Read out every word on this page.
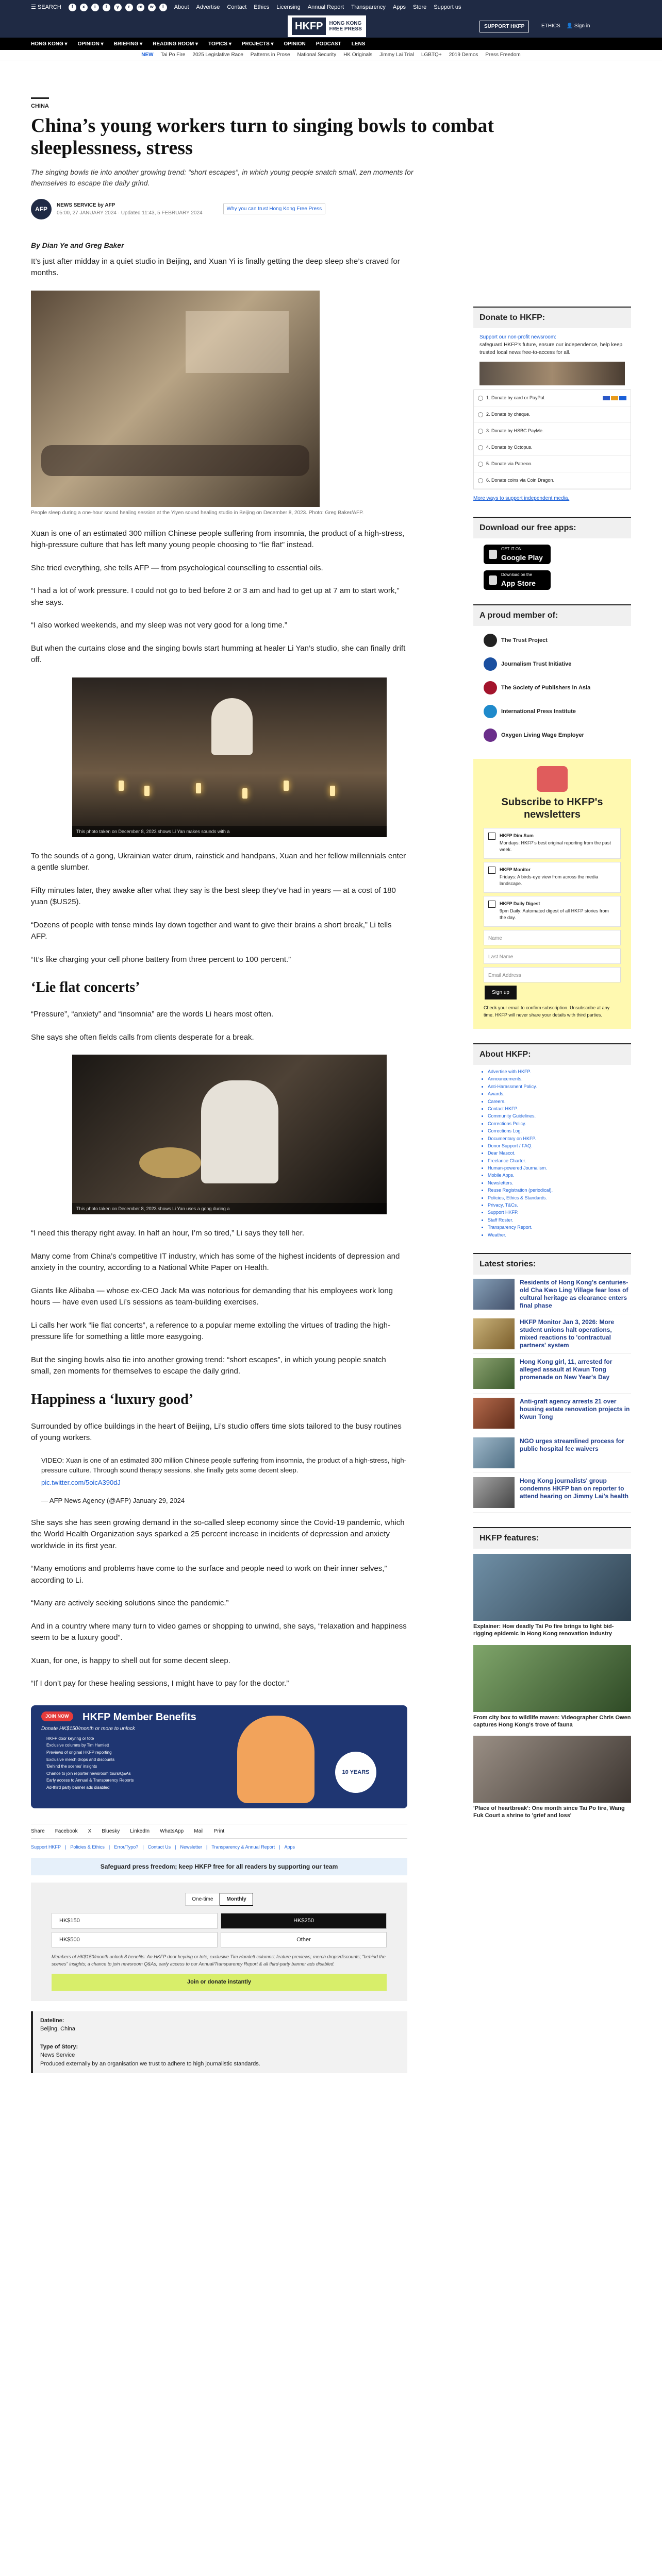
☰ SEARCH	f	x	i	t	y	r	m	w	l	About Advertise Contact Ethics Licensing Annual Report Transparency Apps Store Support us
HKFP	HONG KONG
FREE PRESS	SUPPORT HKFP	ETHICS 👤 Sign in
HONG KONG ▾ OPINION ▾ BRIEFING ▾ READING ROOM ▾ TOPICS ▾ PROJECTS ▾ OPINION PODCAST LENS
NEW Tai Po Fire 2025 Legislative Race Patterns in Prose National Security HK Originals Jimmy Lai Trial LGBTQ+ 2019 Demos Press Freedom
CHINA
China’s young workers turn to singing bowls to combat sleeplessness, stress

The singing bowls tie into another growing trend: “short escapes”, in which young people snatch small, zen moments for themselves to escape the daily grind.

AFP
NEWS SERVICE by AFP
05:00, 27 JANUARY 2024 · Updated 11:43, 5 FEBRUARY 2024
Why you can trust Hong Kong Free Press
By Dian Ye and Greg Baker

It’s just after midday in a quiet studio in Beijing, and Xuan Yi is finally getting the deep sleep she’s craved for months.

People sleep during a one-hour sound healing session at the Yiyen sound healing studio in Beijing on December 8, 2023. Photo: Greg Baker/AFP.

Xuan is one of an estimated 300 million Chinese people suffering from insomnia, the product of a high-stress, high-pressure culture that has left many young people choosing to “lie flat” instead.

She tried everything, she tells AFP — from psychological counselling to essential oils.

“I had a lot of work pressure. I could not go to bed before 2 or 3 am and had to get up at 7 am to start work,” she says.

“I also worked weekends, and my sleep was not very good for a long time.”

But when the curtains close and the singing bowls start humming at healer Li Yan’s studio, she can finally drift off.

This photo taken on December 8, 2023 shows Li Yan makes sounds with a

To the sounds of a gong, Ukrainian water drum, rainstick and handpans, Xuan and her fellow millennials enter a gentle slumber.

Fifty minutes later, they awake after what they say is the best sleep they’ve had in years — at a cost of 180 yuan ($US25).

“Dozens of people with tense minds lay down together and want to give their brains a short break,” Li tells AFP.

“It’s like charging your cell phone battery from three percent to 100 percent.”

‘Lie flat concerts’

“Pressure”, “anxiety” and “insomnia” are the words Li hears most often.

She says she often fields calls from clients desperate for a break.

This photo taken on December 8, 2023 shows Li Yan uses a gong during a

“I need this therapy right away. In half an hour, I’m so tired,” Li says they tell her.

Many come from China’s competitive IT industry, which has some of the highest incidents of depression and anxiety in the country, according to a National White Paper on Health.

Giants like Alibaba — whose ex-CEO Jack Ma was notorious for demanding that his employees work long hours — have even used Li’s sessions as team-building exercises.

Li calls her work “lie flat concerts”, a reference to a popular meme extolling the virtues of trading the high-pressure life for something a little more easygoing.

But the singing bowls also tie into another growing trend: “short escapes”, in which young people snatch small, zen moments for themselves to escape the daily grind.

Happiness a ‘luxury good’

Surrounded by office buildings in the heart of Beijing, Li’s studio offers time slots tailored to the busy routines of young workers.

VIDEO: Xuan is one of an estimated 300 million Chinese people suffering from insomnia, the product of a high-stress, high-pressure culture. Through sound therapy sessions, she finally gets some decent sleep.

pic.twitter.com/5oicA390dJ

— AFP News Agency (@AFP) January 29, 2024

She says she has seen growing demand in the so-called sleep economy since the Covid-19 pandemic, which the World Health Organization says sparked a 25 percent increase in incidents of depression and anxiety worldwide in its first year.

“Many emotions and problems have come to the surface and people need to work on their inner selves,” according to Li.

“Many are actively seeking solutions since the pandemic.”

And in a country where many turn to video games or shopping to unwind, she says, “relaxation and happiness seem to be a luxury good”.

Xuan, for one, is happy to shell out for some decent sleep.

“If I don’t pay for these healing sessions, I might have to pay for the doctor.”

JOIN NOW	HKFP Member Benefits
Donate HK$150/month or more to unlock
HKFP door keyring or tote
Exclusive columns by Tim Hamlett
Previews of original HKFP reporting
Exclusive merch drops and discounts
'Behind the scenes' insights
Chance to join reporter newsroom tours/Q&As
Early access to Annual & Transparency Reports
Ad-third party banner ads disabled
10 YEARS
Share Facebook X Bluesky LinkedIn WhatsApp Mail Print
Support HKFP | Policies & Ethics | Error/Typo? | Contact Us | Newsletter | Transparency & Annual Report | Apps
Safeguard press freedom; keep HKFP free for all readers by supporting our team
One-time	Monthly
HK$150	HK$250
HK$500	Other

Members of HK$150/month unlock 8 benefits: An HKFP door keyring or tote; exclusive Tim Hamlett columns; feature previews; merch drops/discounts; "behind the scenes" insights; a chance to join newsroom Q&As; early access to our Annual/Transparency Report & all third-party banner ads disabled.

Join or donate instantly
Dateline:
Beijing, China
Type of Story:
News Service
Produced externally by an organisation we trust to adhere to high journalistic standards.
Donate to HKFP:

Support our non-profit newsroom:
safeguard HKFP's future, ensure our independence, help keep trusted local news free-to-access for all.

1. Donate by card or PayPal.
2. Donate by cheque.
3. Donate by HSBC PayMe.
4. Donate by Octopus.
5. Donate via Patreon.
6. Donate coins via Coin Dragon.
More ways to support independent media.
Download our free apps:
GET IT ON
Google Play
Download on the
App Store
A proud member of:
The Trust Project
Journalism Trust Initiative
The Society of Publishers in Asia
International Press Institute
Oxygen Living Wage Employer
Subscribe to HKFP's newsletters
HKFP Dim Sum
Mondays: HKFP's best original reporting from the past week.
HKFP Monitor
Fridays: A birds-eye view from across the media landscape.
HKFP Daily Digest
9pm Daily: Automated digest of all HKFP stories from the day.
Name
Last Name
Email Address
Sign up

Check your email to confirm subscription. Unsubscribe at any time. HKFP will never share your details with third parties.

About HKFP:
• Advertise with HKFP.
• Announcements.
• Anti-Harassment Policy.
• Awards.
• Careers.
• Contact HKFP.
• Community Guidelines.
• Corrections Policy.
• Corrections Log.
• Documentary on HKFP.
• Donor Support / FAQ.
• Dear Mascot.
• Freelance Charter.
• Human-powered Journalism.
• Mobile Apps.
• Newsletters.
• Reuse Registration (periodical).
• Policies, Ethics & Standards.
• Privacy, T&Cs.
• Support HKFP.
• Staff Roster.
• Transparency Report.
• Weather.
Latest stories:
Residents of Hong Kong's centuries-old Cha Kwo Ling Village fear loss of cultural heritage as clearance enters final phase
HKFP Monitor Jan 3, 2026: More student unions halt operations, mixed reactions to 'contractual partners' system
Hong Kong girl, 11, arrested for alleged assault at Kwun Tong promenade on New Year's Day
Anti-graft agency arrests 21 over housing estate renovation projects in Kwun Tong
NGO urges streamlined process for public hospital fee waivers
Hong Kong journalists' group condemns HKFP ban on reporter to attend hearing on Jimmy Lai's health
HKFP features:

Explainer: How deadly Tai Po fire brings to light bid-rigging epidemic in Hong Kong renovation industry

From city box to wildlife maven: Videographer Chris Owen captures Hong Kong's trove of fauna

'Place of heartbreak': One month since Tai Po fire, Wang Fuk Court a shrine to 'grief and loss'
